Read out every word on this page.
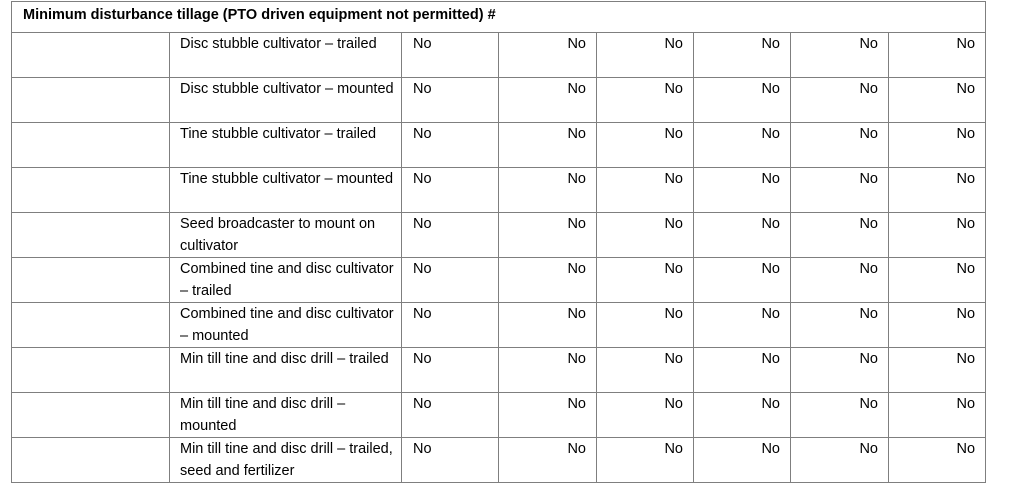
Minimum disturbance tillage (PTO driven equipment not permitted) #							
	Disc stubble cultivator – trailed	No	No	No	No	No	No
	Disc stubble cultivator – mounted	No	No	No	No	No	No
	Tine stubble cultivator – trailed	No	No	No	No	No	No
	Tine stubble cultivator – mounted	No	No	No	No	No	No
	Seed broadcaster to mount on cultivator	No	No	No	No	No	No
	Combined tine and disc cultivator – trailed	No	No	No	No	No	No
	Combined tine and disc cultivator – mounted	No	No	No	No	No	No
	Min till tine and disc drill – trailed	No	No	No	No	No	No
	Min till tine and disc drill – mounted	No	No	No	No	No	No
	Min till tine and disc drill – trailed, seed and fertilizer	No	No	No	No	No	No
